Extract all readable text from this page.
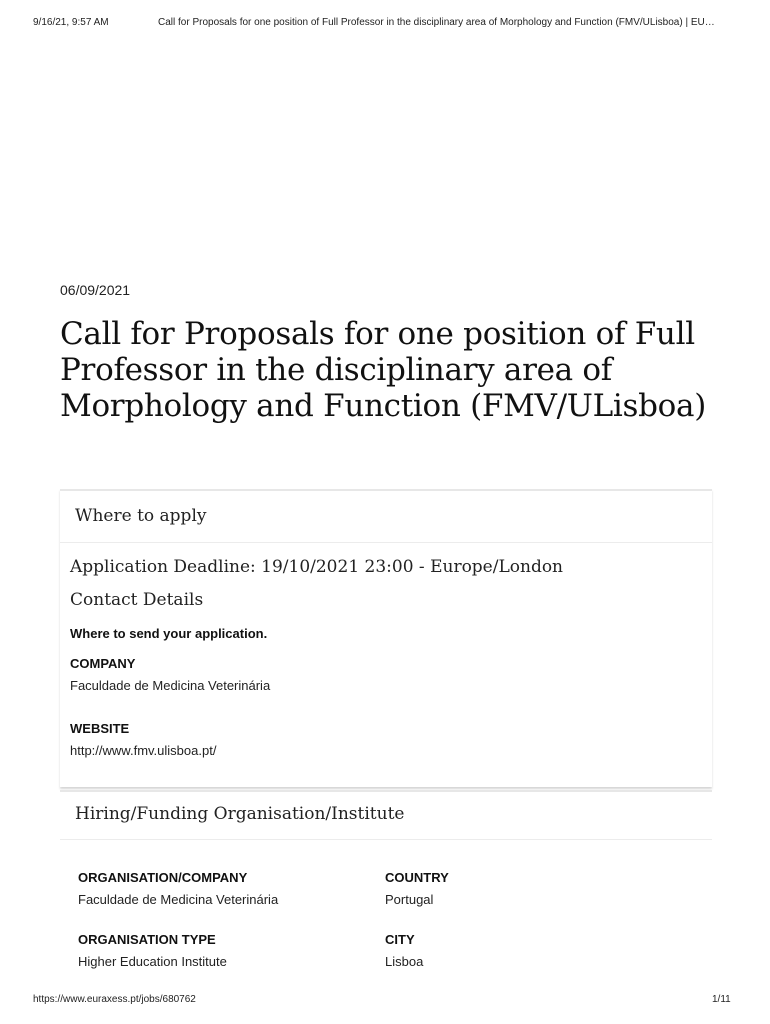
9/16/21, 9:57 AM	Call for Proposals for one position of Full Professor in the disciplinary area of Morphology and Function (FMV/ULisboa) | EU…
06/09/2021
Call for Proposals for one position of Full Professor in the disciplinary area of Morphology and Function (FMV/ULisboa)
Where to apply
Application Deadline: 19/10/2021 23:00 - Europe/London
Contact Details
Where to send your application.
COMPANY
Faculdade de Medicina Veterinária
WEBSITE
http://www.fmv.ulisboa.pt/
Hiring/Funding Organisation/Institute
ORGANISATION/COMPANY
Faculdade de Medicina Veterinária
COUNTRY
Portugal
ORGANISATION TYPE
Higher Education Institute
CITY
Lisboa
https://www.euraxess.pt/jobs/680762	1/11
